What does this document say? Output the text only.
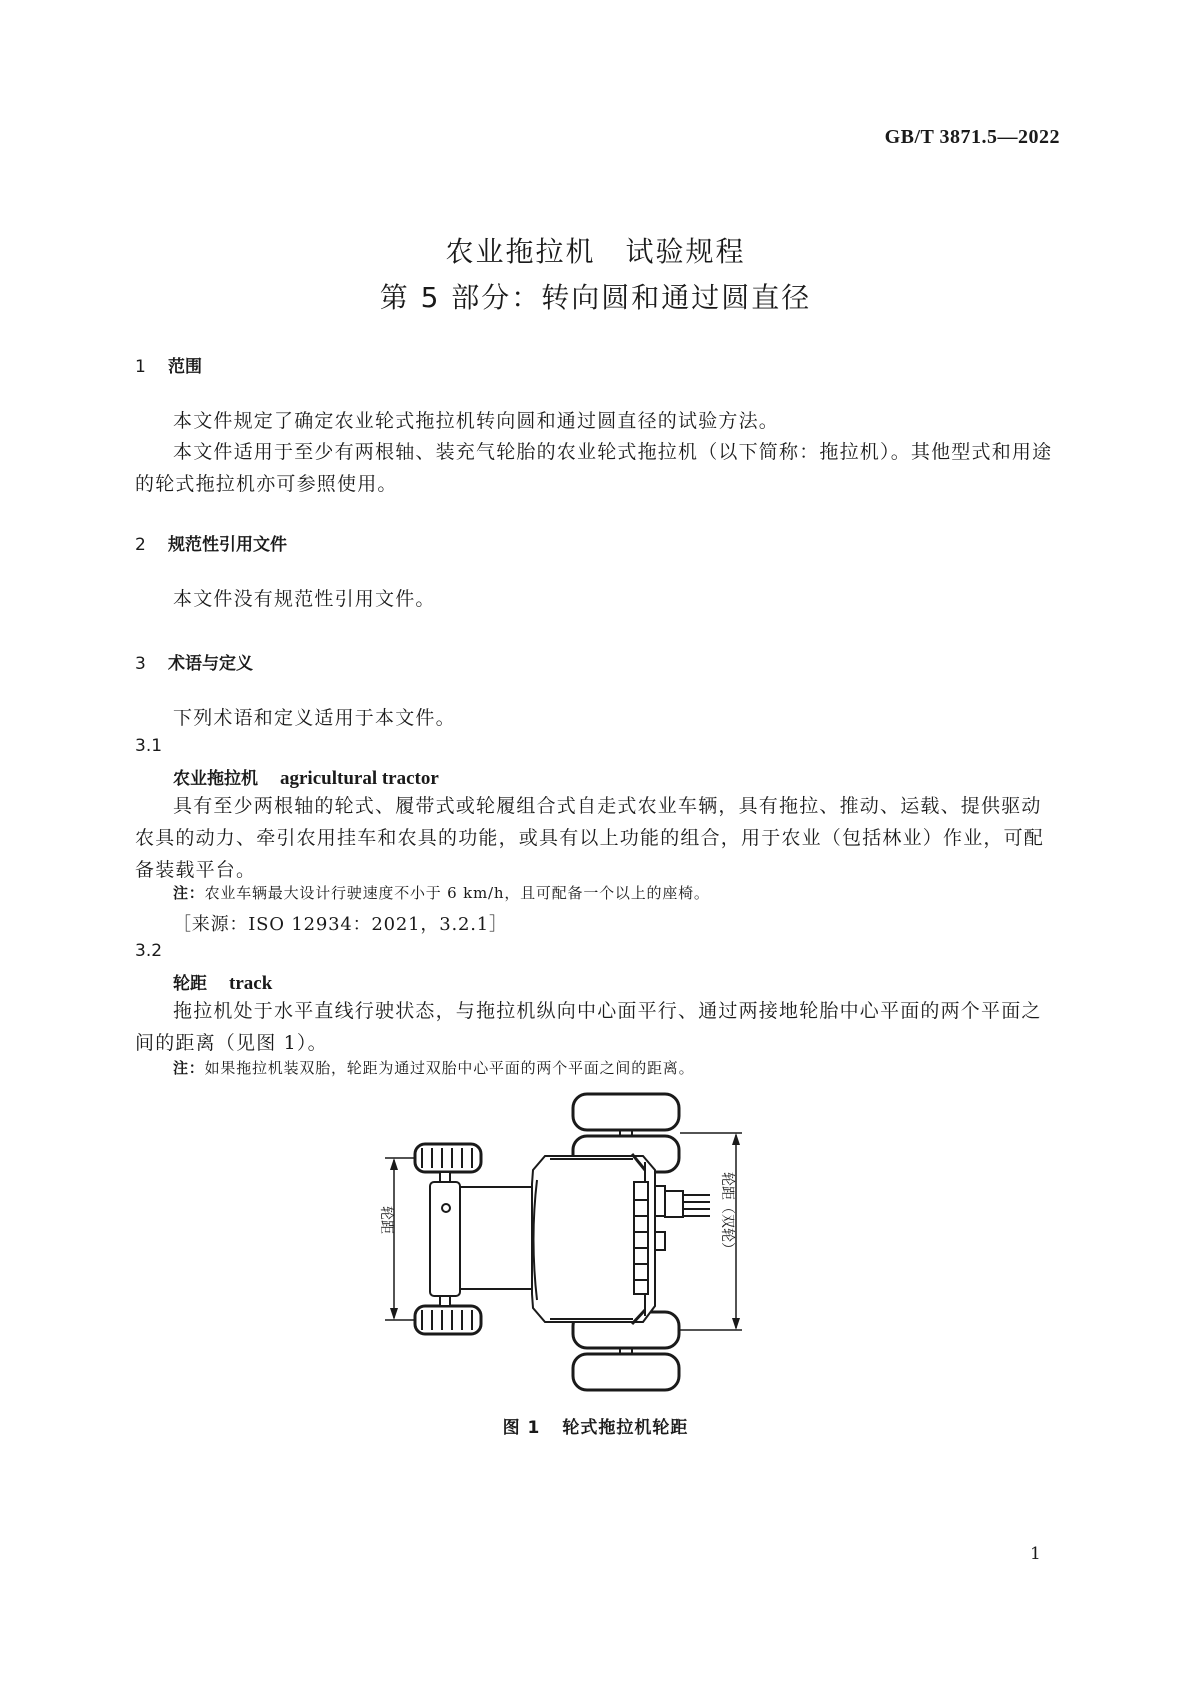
GB/T 3871.5—2022
农业拖拉机　试验规程
第 5 部分：转向圆和通过圆直径
1 范围
本文件规定了确定农业轮式拖拉机转向圆和通过圆直径的试验方法。
本文件适用于至少有两根轴、装充气轮胎的农业轮式拖拉机（以下简称：拖拉机）。其他型式和用途的轮式拖拉机亦可参照使用。
2 规范性引用文件
本文件没有规范性引用文件。
3 术语与定义
下列术语和定义适用于本文件。
3.1
农业拖拉机 agricultural tractor
具有至少两根轴的轮式、履带式或轮履组合式自走式农业车辆，具有拖拉、推动、运载、提供驱动农具的动力、牵引农用挂车和农具的功能，或具有以上功能的组合，用于农业（包括林业）作业，可配备装载平台。
注：农业车辆最大设计行驶速度不小于 6 km/h，且可配备一个以上的座椅。
［来源：ISO 12934：2021，3.2.1］
3.2
轮距 track
拖拉机处于水平直线行驶状态，与拖拉机纵向中心面平行、通过两接地轮胎中心平面的两个平面之间的距离（见图 1）。
注：如果拖拉机装双胎，轮距为通过双胎中心平面的两个平面之间的距离。
轮距	轮距（双轮）
图 1 轮式拖拉机轮距
1
